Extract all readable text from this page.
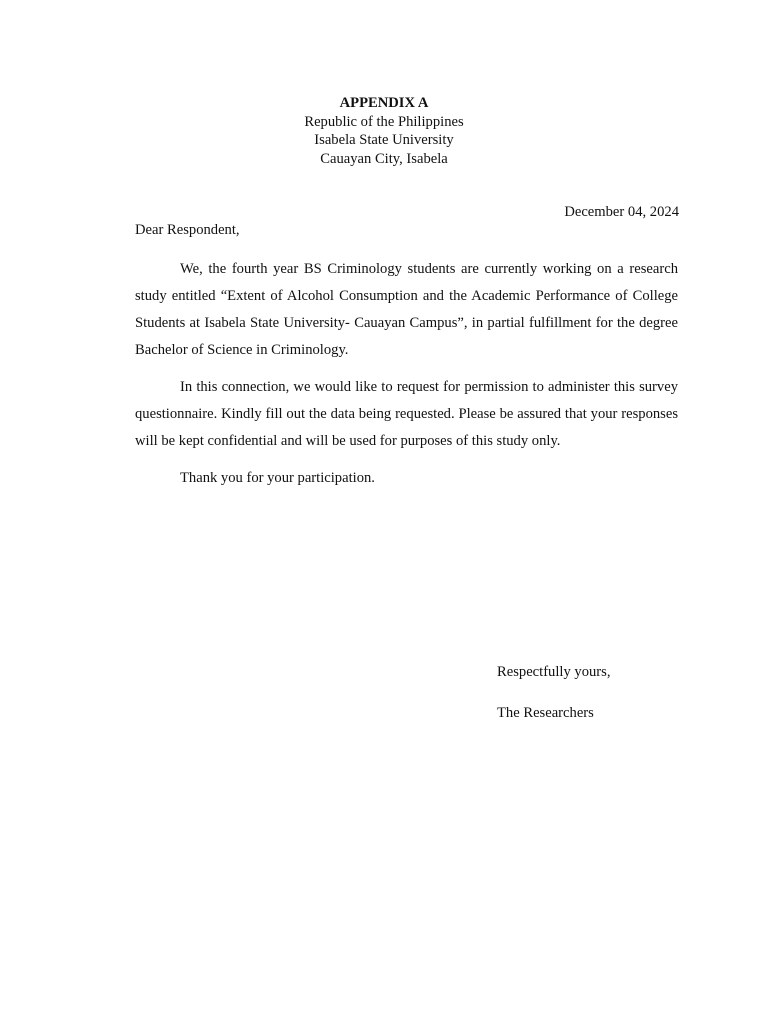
APPENDIX A
Republic of the Philippines
Isabela State University
Cauayan City, Isabela
December 04, 2024
Dear Respondent,

We, the fourth year BS Criminology students are currently working on a research study entitled “Extent of Alcohol Consumption and the Academic Performance of College Students at Isabela State University- Cauayan Campus”, in partial fulfillment for the degree Bachelor of Science in Criminology.

In this connection, we would like to request for permission to administer this survey questionnaire. Kindly fill out the data being requested. Please be assured that your responses will be kept confidential and will be used for purposes of this study only.

Thank you for your participation.

Respectfully yours,
The Researchers
